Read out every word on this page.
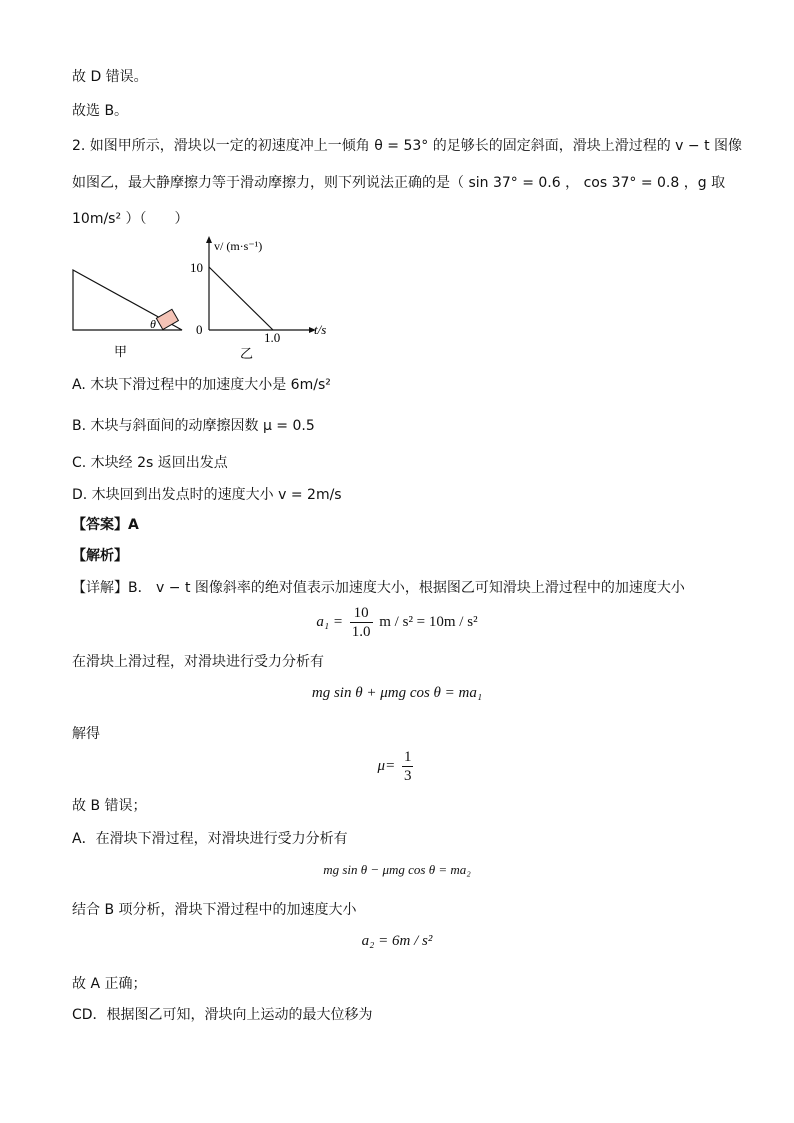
故 D 错误。
故选 B。
2. 如图甲所示，滑块以一定的初速度冲上一倾角 θ = 53° 的足够长的固定斜面，滑块上滑过程的 v − t 图像
如图乙，最大静摩擦力等于滑动摩擦力，则下列说法正确的是（ sin 37° = 0.6 ， cos 37° = 0.8 ，g 取
10m/s² ）（　　）
θ
甲
v/ (m·s⁻¹)
10
0
1.0
t/s
乙
A. 木块下滑过程中的加速度大小是 6m/s²
B. 木块与斜面间的动摩擦因数 μ = 0.5
C. 木块经 2s 返回出发点
D. 木块回到出发点时的速度大小 v = 2m/s
【答案】A
【解析】
【详解】B． v − t 图像斜率的绝对值表示加速度大小，根据图乙可知滑块上滑过程中的加速度大小
$a_1 = \frac{10}{1.0}$ m / s² = 10m / s²
在滑块上滑过程，对滑块进行受力分析有
mg sin θ + μmg cos θ = ma₁
解得
$\mu= \frac{1}{3}$
故 B 错误；
A．在滑块下滑过程，对滑块进行受力分析有
mg sin θ − μmg cos θ = ma₂
结合 B 项分析，滑块下滑过程中的加速度大小
a₂ = 6m / s²
故 A 正确；
CD．根据图乙可知，滑块向上运动的最大位移为
